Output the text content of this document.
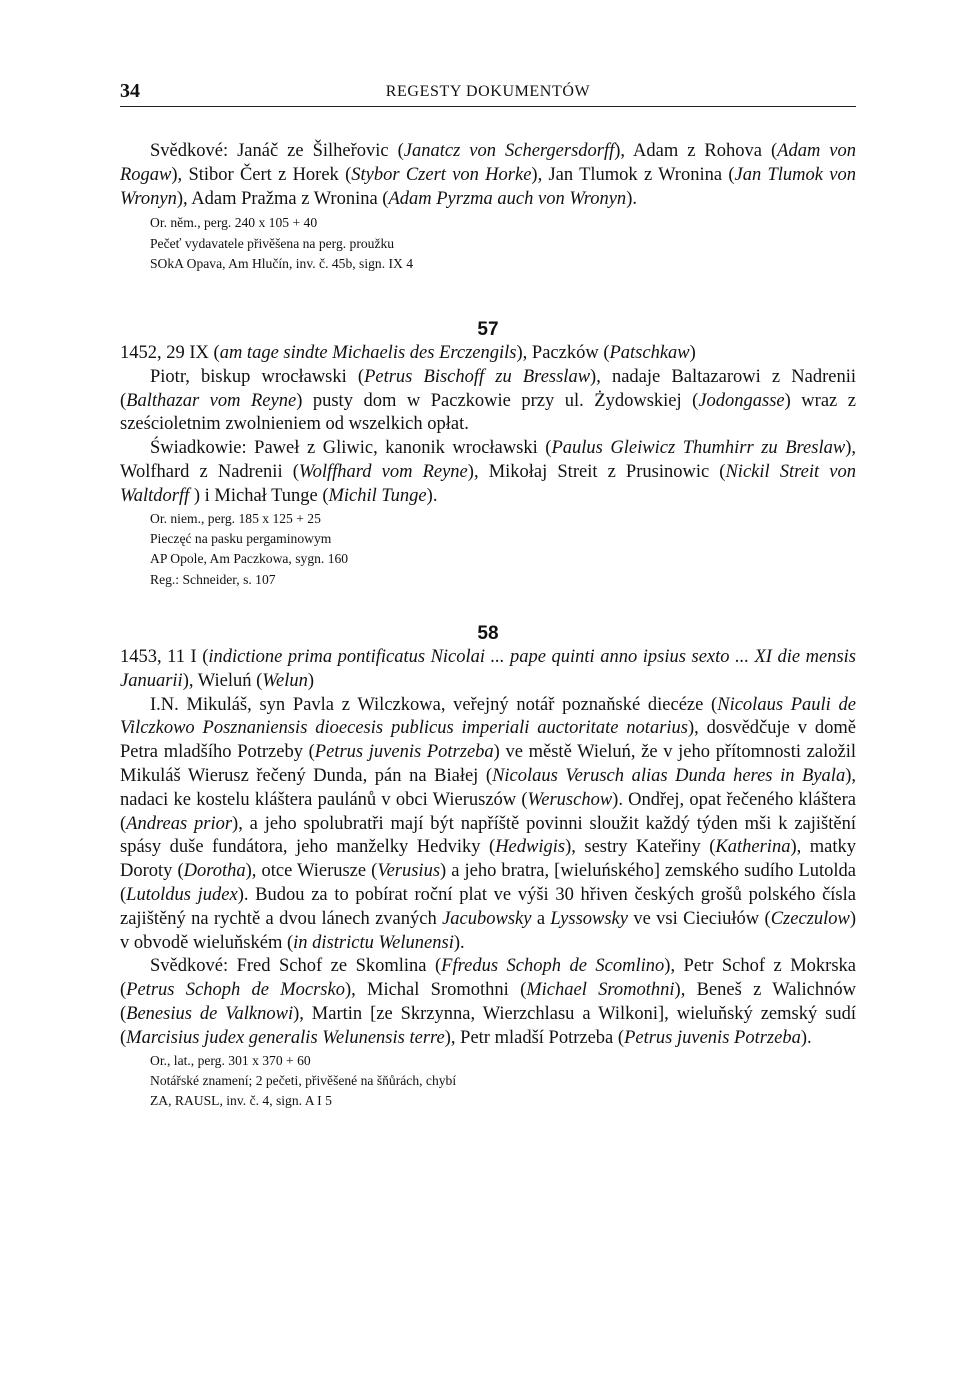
34	REGESTY DOKUMENTÓW

Svědkové: Janáč ze Šilheřovic (Janatcz von Schergersdorff), Adam z Rohova (Adam von Rogaw), Stibor Čert z Horek (Stybor Czert von Horke), Jan Tlumok z Wronina (Jan Tlumok von Wronyn), Adam Pražma z Wronina (Adam Pyrzma auch von Wronyn).

Or. něm., perg. 240 x 105 + 40
Pečeť vydavatele přivěšena na perg. proužku
SOkA Opava, Am Hlučín, inv. č. 45b, sign. IX 4
57

1452, 29 IX (am tage sindte Michaelis des Erczengils), Paczków (Patschkaw)

Piotr, biskup wrocławski (Petrus Bischoff zu Bresslaw), nadaje Baltazarowi z Nadrenii (Balthazar vom Reyne) pusty dom w Paczkowie przy ul. Żydowskiej (Jodongasse) wraz z sześcioletnim zwolnieniem od wszelkich opłat.

Świadkowie: Paweł z Gliwic, kanonik wrocławski (Paulus Gleiwicz Thumhirr zu Breslaw), Wolfhard z Nadrenii (Wolffhard vom Reyne), Mikołaj Streit z Prusinowic (Nickil Streit von Waltdorff ) i Michał Tunge (Michil Tunge).

Or. niem., perg. 185 x 125 + 25
Pieczęć na pasku pergaminowym
AP Opole, Am Paczkowa, sygn. 160
Reg.: Schneider, s. 107
58

1453, 11 I (indictione prima pontificatus Nicolai ... pape quinti anno ipsius sexto ... XI die mensis Januarii), Wieluń (Welun)

I.N. Mikuláš, syn Pavla z Wilczkowa, veřejný notář poznaňské diecéze (Nicolaus Pauli de Vilczkowo Posznaniensis dioecesis publicus imperiali auctoritate notarius), dosvědčuje v domě Petra mladšího Potrzeby (Petrus juvenis Potrzeba) ve městě Wieluń, že v jeho přítomnosti založil Mikuláš Wierusz řečený Dunda, pán na Białej (Nicolaus Verusch alias Dunda heres in Byala), nadaci ke kostelu kláštera paulánů v obci Wieruszów (Weruschow). Ondřej, opat řečeného kláštera (Andreas prior), a jeho spolubratři mají být napříště povinni sloužit každý týden mši k zajištění spásy duše fundátora, jeho manželky Hedviky (Hedwigis), sestry Kateřiny (Katherina), matky Doroty (Dorotha), otce Wierusze (Verusius) a jeho bratra, [wieluńského] zemského sudího Lutolda (Lutoldus judex). Budou za to pobírat roční plat ve výši 30 hřiven českých grošů polského čísla zajištěný na rychtě a dvou lánech zvaných Jacubowsky a Lyssowsky ve vsi Cieciułów (Czeczulow) v obvodě wieluňském (in districtu Welunensi).

Svědkové: Fred Schof ze Skomlina (Ffredus Schoph de Scomlino), Petr Schof z Mokrska (Petrus Schoph de Mocrsko), Michal Sromothni (Michael Sromothni), Beneš z Walichnów (Benesius de Valknowi), Martin [ze Skrzynna, Wierzchlasu a Wilkoni], wieluňský zemský sudí (Marcisius judex generalis Welunensis terre), Petr mladší Potrzeba (Petrus juvenis Potrzeba).

Or., lat., perg. 301 x 370 + 60
Notářské znamení; 2 pečeti, přivěšené na šňůrách, chybí
ZA, RAUSL, inv. č. 4, sign. A I 5
